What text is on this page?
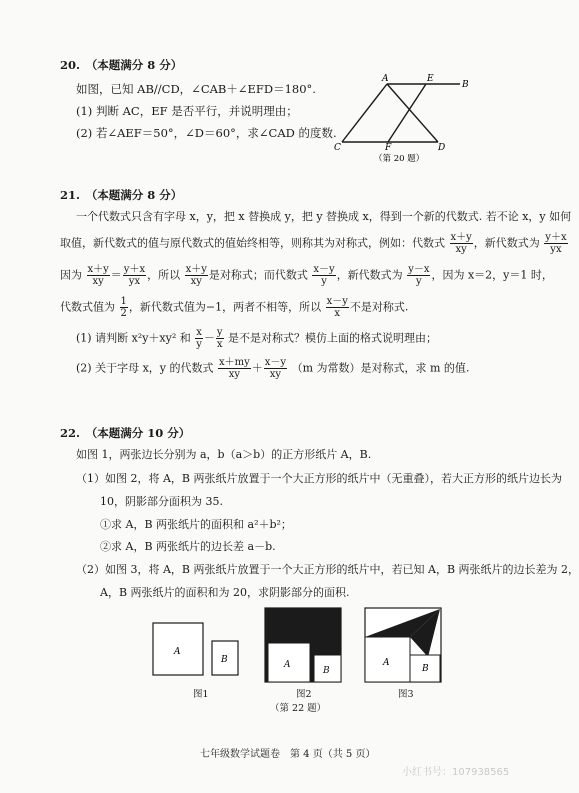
20.　（本题满分 8 分）
如图，已知 AB∕∕CD，∠CAB＋∠EFD＝180°.
(1) 判断 AC，EF 是否平行，并说明理由；
(2) 若∠AEF＝50°，∠D＝60°，求∠CAD 的度数.
A	E
B
C	F	D
（第 20 题）
21.　（本题满分 8 分）
一个代数式只含有字母 x，y，把 x 替换成 y，把 y 替换成 x，得到一个新的代数式. 若不论 x，y 如何
取值，新代数式的值与原代数式的值始终相等，则称其为对称式，例如：代数式 $\frac{x+y}{xy}$ ，新代数式为 $\frac{y+x}{yx}$
因为 $\frac{x+y}{xy} = \frac{y+x}{yx}$ ，所以 $\frac{x+y}{xy}$ 是对称式；而代数式 $\frac{x-y}{y}$ ，新代数式为 $\frac{y-x}{y}$ ，因为 x＝2，y＝1 时，
代数式值为 $\frac{1}{2}$ ，新代数式值为−1，两者不相等，所以 $\frac{x-y}{x}$ 不是对称式.
(1) 请判断 x²y＋xy² 和 $\frac{x}{y} - \frac{y}{x}$ 是不是对称式？模仿上面的格式说明理由；
(2) 关于字母 x，y 的代数式 $\frac{x+my}{xy} + \frac{x-y}{xy} (m$ 为常数）是对称式，求 m 的值.
22.　（本题满分 10 分）
如图 1，两张边长分别为 a，b（a＞b）的正方形纸片 A，B.
（1）如图 2，将 A，B 两张纸片放置于一个大正方形的纸片中（无重叠），若大正方形的纸片边长为
10，阴影部分面积为 35.
①求 A，B 两张纸片的面积和 a²＋b²；
②求 A，B 两张纸片的边长差 a－b.
（2）如图 3，将 A，B 两张纸片放置于一个大正方形的纸片中，若已知 A，B 两张纸片的边长差为 2，
A，B 两张纸片的面积和为 20，求阴影部分的面积.
A
B
图1
A
B
图2
A
B
图3
（第 22 题）
七年级数学试题卷　第 4 页（共 5 页）
小红书号：107938565
